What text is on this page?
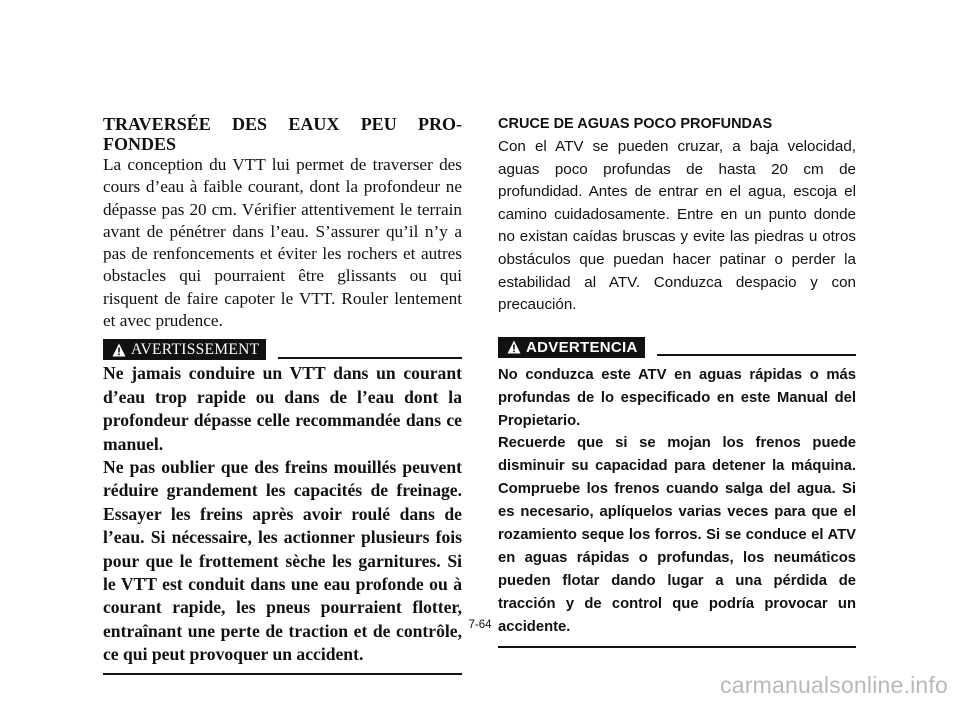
TRAVERSÉE DES EAUX PEU PRO-FONDES

La conception du VTT lui permet de traverser des cours d’eau à faible courant, dont la profondeur ne dépasse pas 20 cm. Vérifier attentivement le terrain avant de pénétrer dans l’eau. S’assurer qu’il n’y a pas de renfoncements et éviter les rochers et autres obstacles qui pourraient être glissants ou qui risquent de faire capoter le VTT. Rouler lentement et avec prudence.

AVERTISSEMENT

Ne jamais conduire un VTT dans un courant d’eau trop rapide ou dans de l’eau dont la profondeur dépasse celle recommandée dans ce manuel.

Ne pas oublier que des freins mouillés peuvent réduire grandement les capacités de freinage. Essayer les freins après avoir roulé dans de l’eau. Si nécessaire, les actionner plusieurs fois pour que le frottement sèche les garnitures. Si le VTT est conduit dans une eau profonde ou à courant rapide, les pneus pourraient flotter, entraînant une perte de traction et de contrôle, ce qui peut provoquer un accident.

CRUCE DE AGUAS POCO PROFUNDAS

Con el ATV se pueden cruzar, a baja velocidad, aguas poco profundas de hasta 20 cm de profundidad. Antes de entrar en el agua, escoja el camino cuidadosamente. Entre en un punto donde no existan caídas bruscas y evite las piedras u otros obstáculos que puedan hacer patinar o perder la estabilidad al ATV. Conduzca despacio y con precaución.

ADVERTENCIA

No conduzca este ATV en aguas rápidas o más profundas de lo especificado en este Manual del Propietario.

Recuerde que si se mojan los frenos puede disminuir su capacidad para detener la máquina. Compruebe los frenos cuando salga del agua. Si es necesario, aplíquelos varias veces para que el rozamiento seque los forros. Si se conduce el ATV en aguas rápidas o profundas, los neumáticos pueden flotar dando lugar a una pérdida de tracción y de control que podría provocar un accidente.

7-64
carmanualsonline.info
